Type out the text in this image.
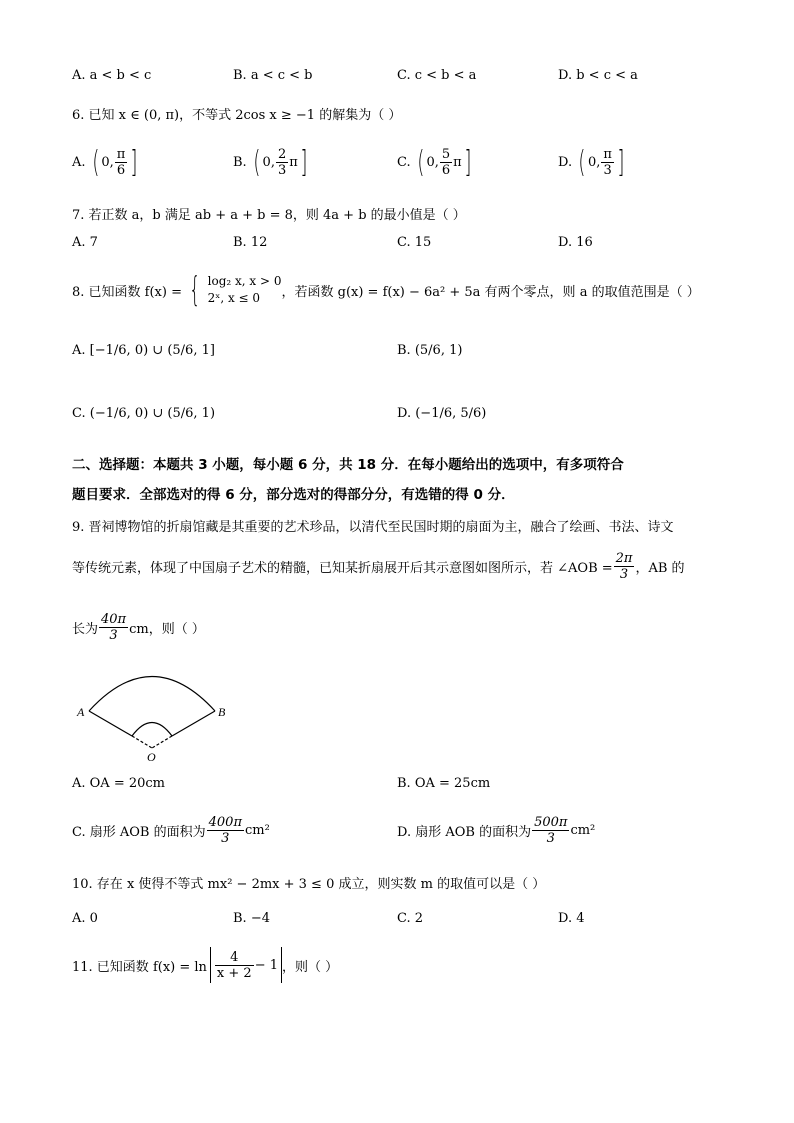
A. a < b < c	B. a < c < b	C. c < b < a	D. b < c < a
6. 已知 x ∈ (0, π)，不等式 2cos x ≥ −1 的解集为（ ）
A. ( 0, $\frac{\pi}{6}$ ]	B. ( 0, $\frac{2}{3} \pi$]	C. ( 0, $\frac{5}{6} \pi$]	D. ( 0, $\frac{\pi}{3}$ ]
7. 若正数 a，b 满足 ab + a + b = 8，则 4a + b 的最小值是（ ）
A. 7	B. 12	C. 15	D. 16
8. 已知函数 f(x) = { log₂ x, x > 0
2ˣ, x ≤ 0	，若函数 g(x) = f(x) − 6a² + 5a 有两个零点，则 a 的取值范围是（ ）
A. [−1/6, 0) ∪ (5/6, 1]	B. (5/6, 1)
C. (−1/6, 0) ∪ (5/6, 1)	D. (−1/6, 5/6)
二、选择题：本题共 3 小题，每小题 6 分，共 18 分．在每小题给出的选项中，有多项符合
题目要求．全部选对的得 6 分，部分选对的得部分分，有选错的得 0 分．
9. 晋祠博物馆的折扇馆藏是其重要的艺术珍品，以清代至民国时期的扇面为主，融合了绘画、书法、诗文
等传统元素，体现了中国扇子艺术的精髓，已知某折扇展开后其示意图如图所示，若 ∠AOB = $\frac{2\pi}{3}$ ，AB 的
长为 $\frac{40\pi}{3}$ cm，则（ ）
A	B
O
A. OA = 20cm	B. OA = 25cm
C. 扇形 AOB 的面积为 $\frac{400\pi}{3} cm^2$	D. 扇形 AOB 的面积为 $\frac{500\pi}{3} cm^2$
10. 存在 x 使得不等式 mx² − 2mx + 3 ≤ 0 成立，则实数 m 的取值可以是（ ）
A. 0	B. −4	C. 2	D. 4
11. 已知函数 $f(x) = \ln \frac{4}{x + 2} - 1$ ，则（ ）
